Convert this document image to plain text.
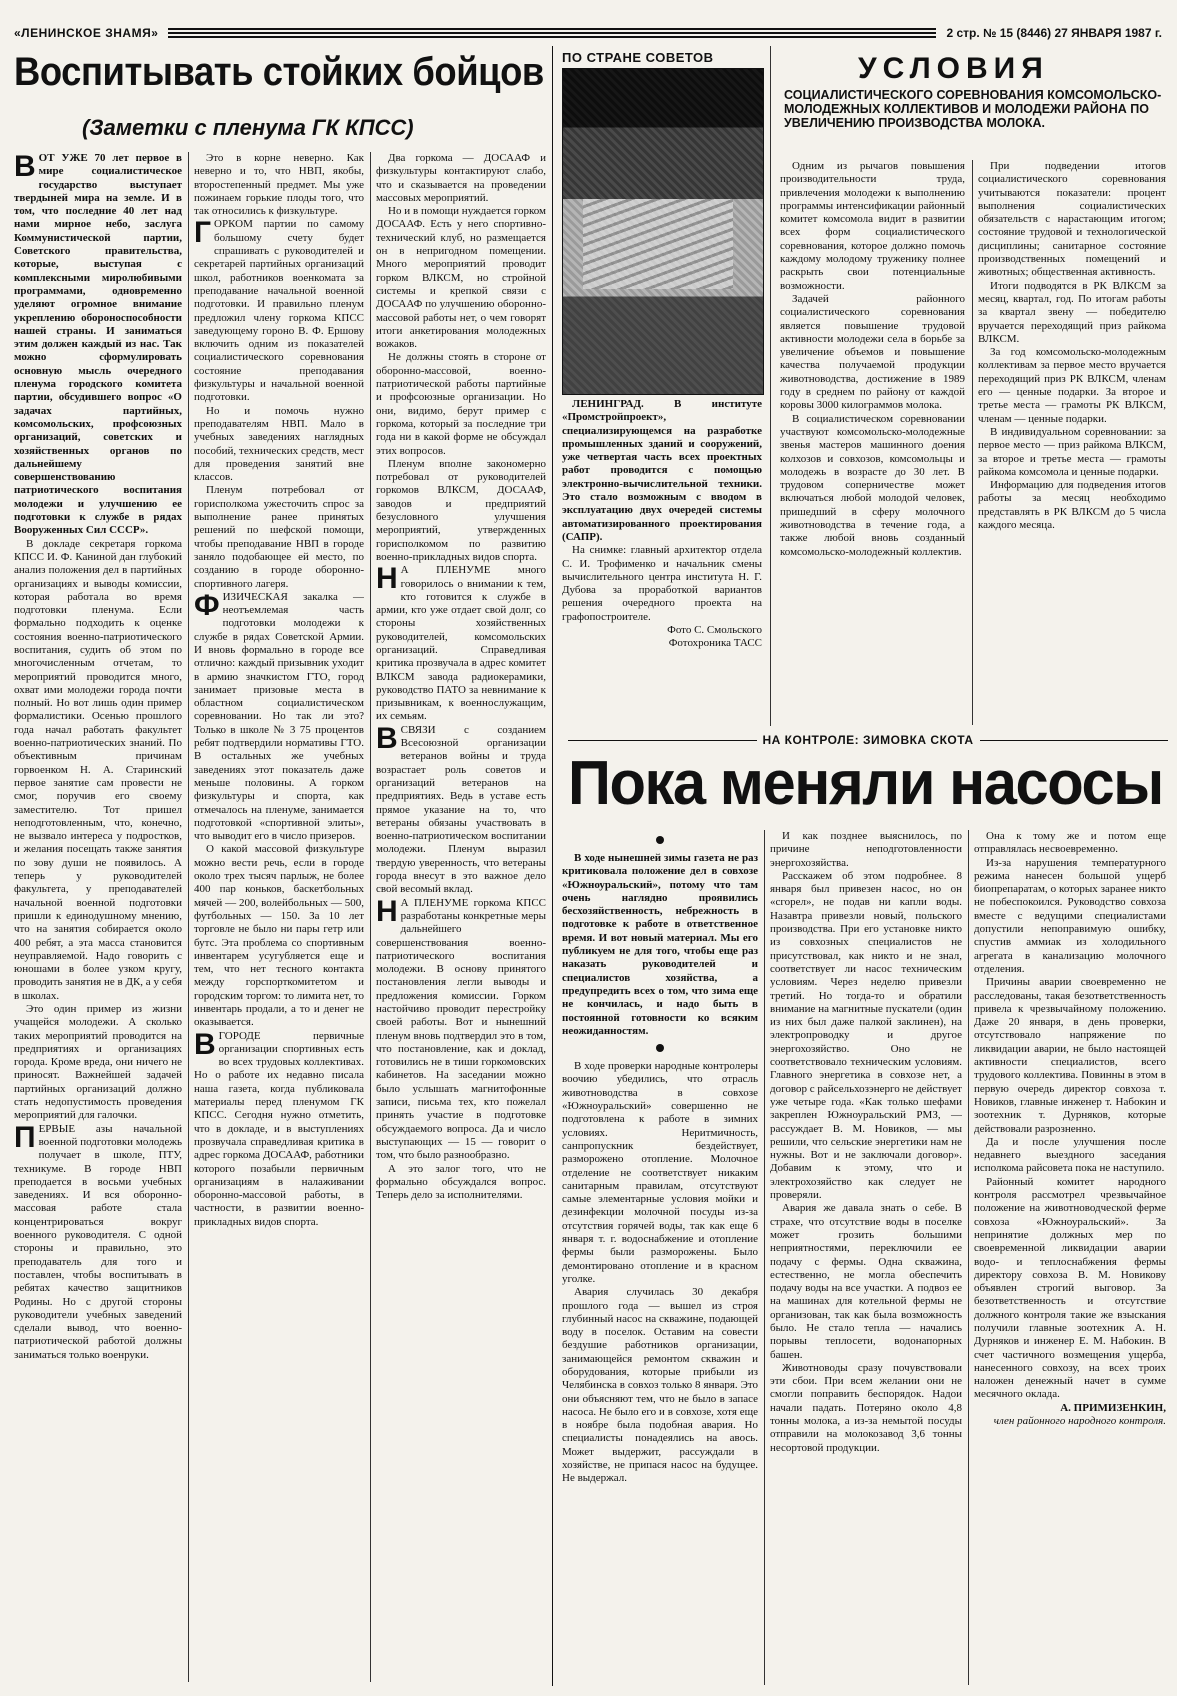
«ЛЕНИНСКОЕ ЗНАМЯ»	2 стр. № 15 (8446) 27 ЯНВАРЯ 1987 г.
Воспитывать стойких бойцов
(Заметки с пленума ГК КПСС)

ВОТ УЖЕ 70 лет первое в мире социалистическое государство выступает твердыней мира на земле. И в том, что последние 40 лет над нами мирное небо, заслуга Коммунистической партии, Советского правительства, которые, выступая с комплексными миролюбивыми программами, одновременно уделяют огромное внимание укреплению обороноспособности нашей страны. И заниматься этим должен каждый из нас. Так можно сформулировать основную мысль очередного пленума городского комитета партии, обсудившего вопрос «О задачах партийных, комсомольских, профсоюзных организаций, советских и хозяйственных органов по дальнейшему совершенствованию патриотического воспитания молодежи и улучшению ее подготовки к службе в рядах Вооруженных Сил СССР».

В докладе секретаря горкома КПСС И. Ф. Каниной дан глубокий анализ положения дел в партийных организациях и выводы комиссии, которая работала во время подготовки пленума. Если формально подходить к оценке состояния военно-патриотического воспитания, судить об этом по многочисленным отчетам, то мероприятий проводится много, охват ими молодежи города почти полный. Но вот лишь один пример формалистики. Осенью прошлого года начал работать факультет военно-патриотических знаний. По объективным причинам горвоенком Н. А. Старинский первое занятие сам провести не смог, поручив его своему заместителю. Тот пришел неподготовленным, что, конечно, не вызвало интереса у подростков, и желания посещать также занятия по зову души не появилось. А теперь у руководителей факультета, у преподавателей начальной военной подготовки пришли к единодушному мнению, что на занятия собирается около 400 ребят, а эта масса становится неуправляемой. Надо говорить с юношами в более узком кругу, проводить занятия не в ДК, а у себя в школах.

Это один пример из жизни учащейся молодежи. А сколько таких мероприятий проводится на предприятиях и организациях города. Кроме вреда, они ничего не приносят. Важнейшей задачей партийных организаций должно стать недопустимость проведения мероприятий для галочки.

ПЕРВЫЕ азы начальной военной подготовки молодежь получает в школе, ПТУ, техникуме. В городе НВП преподается в восьми учебных заведениях. И вся оборонно-массовая работе стала концентрироваться вокруг военного руководителя. С одной стороны и правильно, это преподаватель для того и поставлен, чтобы воспитывать в ребятах качество защитников Родины. Но с другой стороны руководители учебных заведений сделали вывод, что военно-патриотической работой должны заниматься только военруки.

Это в корне неверно. Как неверно и то, что НВП, якобы, второстепенный предмет. Мы уже пожинаем горькие плоды того, что так относились к физкультуре.

ГОРКОМ партии по самому большому счету будет спрашивать с руководителей и секретарей партийных организаций школ, работников военкомата за преподавание начальной военной подготовки. И правильно пленум предложил члену горкома КПСС заведующему гороно В. Ф. Ершову включить одним из показателей социалистического соревнования состояние преподавания физкультуры и начальной военной подготовки.

Но и помочь нужно преподавателям НВП. Мало в учебных заведениях наглядных пособий, технических средств, мест для проведения занятий вне классов.

Пленум потребовал от горисполкома ужесточить спрос за выполнение ранее принятых решений по шефской помощи, чтобы преподавание НВП в городе заняло подобающее ей место, по созданию в городе оборонно-спортивного лагеря.

ФИЗИЧЕСКАЯ закалка — неотъемлемая часть подготовки молодежи к службе в рядах Советской Армии. И вновь формально в городе все отлично: каждый призывник уходит в армию значкистом ГТО, город занимает призовые места в областном социалистическом соревновании. Но так ли это? Только в школе № 3 75 процентов ребят подтвердили нормативы ГТО. В остальных же учебных заведениях этот показатель даже меньше половины. А горком физкультуры и спорта, как отмечалось на пленуме, занимается подготовкой «спортивной элиты», что выводит его в число призеров.

О какой массовой физкультуре можно вести речь, если в городе около трех тысяч парлыж, не более 400 пар коньков, баскетбольных мячей — 200, волейбольных — 500, футбольных — 150. За 10 лет торговле не было ни пары гетр или бутс. Эта проблема со спортивным инвентарем усугубляется еще и тем, что нет тесного контакта между горспорткомитетом и городским торгом: то лимита нет, то инвентарь продали, а то и денег не оказывается.

ВГОРОДЕ первичные организации спортивных есть во всех трудовых коллективах. Но о работе их недавно писала наша газета, когда публиковала материалы перед пленумом ГК КПСС. Сегодня нужно отметить, что в докладе, и в выступлениях прозвучала справедливая критика в адрес горкома ДОСААФ, работники которого позабыли первичным организациям в налаживании оборонно-массовой работы, в частности, в развитии военно-прикладных видов спорта.

Два горкома — ДОСААФ и физкультуры контактируют слабо, что и сказывается на проведении массовых мероприятий.

Но и в помощи нуждается горком ДОСААФ. Есть у него спортивно-технический клуб, но размещается он в непригодном помещении. Много мероприятий проводит горком ВЛКСМ, но стройной системы и крепкой связи с ДОСААФ по улучшению оборонно-массовой работы нет, о чем говорят итоги анкетирования молодежных вожаков.

Не должны стоять в стороне от оборонно-массовой, военно-патриотической работы партийные и профсоюзные организации. Но они, видимо, берут пример с горкома, который за последние три года ни в какой форме не обсуждал этих вопросов.

Пленум вполне закономерно потребовал от руководителей горкомов ВЛКСМ, ДОСААФ, заводов и предприятий безусловного улучшения мероприятий, утвержденных горисполкомом по развитию военно-прикладных видов спорта.

Н А ПЛЕНУМЕ много говорилось о внимании к тем, кто готовится к службе в армии, кто уже отдает свой долг, со стороны хозяйственных руководителей, комсомольских организаций. Справедливая критика прозвучала в адрес комитет ВЛКСМ завода радиокерамики, руководство ПАТО за невнимание к призывникам, к военнослужащим, их семьям.

ВСВЯЗИ с созданием Всесоюзной организации ветеранов войны и труда возрастает роль советов и организаций ветеранов на предприятиях. Ведь в уставе есть прямое указание на то, что ветераны обязаны участвовать в военно-патриотическом воспитании молодежи. Пленум выразил твердую уверенность, что ветераны города внесут в это важное дело свой весомый вклад.

Н А ПЛЕНУМЕ горкома КПСС разработаны конкретные меры дальнейшего совершенствования военно-патриотического воспитания молодежи. В основу принятого постановления легли выводы и предложения комиссии. Горком настойчиво проводит перестройку своей работы. Вот и нынешний пленум вновь подтвердил это в том, что постановление, как и доклад, готовились не в тиши горкомовских кабинетов. На заседании можно было услышать магнитофонные записи, письма тех, кто пожелал принять участие в подготовке обсуждаемого вопроса. Да и число выступающих — 15 — говорит о том, что было разнообразно.

А это залог того, что не формально обсуждался вопрос. Теперь дело за исполнителями.

ПО СТРАНЕ СОВЕТОВ

ЛЕНИНГРАД. В институте «Промстройпроект», специализирующемся на разработке промышленных зданий и сооружений, уже четвертая часть всех проектных работ проводится с помощью электронно-вычислительной техники. Это стало возможным с вводом в эксплуатацию двух очередей системы автоматизированного проектирования (САПР).

На снимке: главный архитектор отдела С. И. Трофименко и начальник смены вычислительного центра института Н. Г. Дубова за проработкой вариантов решения очередного проекта на графопостроителе.

Фото С. Смольского

Фотохроника ТАСС

УСЛОВИЯ
СОЦИАЛИСТИЧЕСКОГО СОРЕВНОВАНИЯ КОМСОМОЛЬСКО-МОЛОДЕЖНЫХ КОЛЛЕКТИВОВ И МОЛОДЕЖИ РАЙОНА ПО УВЕЛИЧЕНИЮ ПРОИЗВОДСТВА МОЛОКА.

Одним из рычагов повышения производительности труда, привлечения молодежи к выполнению программы интенсификации районный комитет комсомола видит в развитии всех форм социалистического соревнования, которое должно помочь каждому молодому труженику полнее раскрыть свои потенциальные возможности.

Задачей районного социалистического соревнования является повышение трудовой активности молодежи села в борьбе за увеличение объемов и повышение качества получаемой продукции животноводства, достижение в 1989 году в среднем по району от каждой коровы 3000 килограммов молока.

В социалистическом соревновании участвуют комсомольско-молодежные звенья мастеров машинного доения колхозов и совхозов, комсомольцы и молодежь в возрасте до 30 лет. В трудовом соперничестве может включаться любой молодой человек, пришедший в сферу молочного животноводства в течение года, а также любой вновь созданный комсомольско-молодежный коллектив.

При подведении итогов социалистического соревнования учитываются показатели: процент выполнения социалистических обязательств с нарастающим итогом; состояние трудовой и технологической дисциплины; санитарное состояние производственных помещений и животных; общественная активность.

Итоги подводятся в РК ВЛКСМ за месяц, квартал, год. По итогам работы за квартал звену — победителю вручается переходящий приз райкома ВЛКСМ.

За год комсомольско-молодежным коллективам за первое место вручается переходящий приз РК ВЛКСМ, членам его — ценные подарки. За второе и третье места — грамоты РК ВЛКСМ, членам — ценные подарки.

В индивидуальном соревновании: за первое место — приз райкома ВЛКСМ, за второе и третье места — грамоты райкома комсомола и ценные подарки.

Информацию для подведения итогов работы за месяц необходимо представлять в РК ВЛКСМ до 5 числа каждого месяца.

НА КОНТРОЛЕ: ЗИМОВКА СКОТА
Пока меняли насосы

В ходе нынешней зимы газета не раз критиковала положение дел в совхозе «Южноуральский», потому что там очень наглядно проявились бесхозяйственность, небрежность в подготовке к работе в ответственное время. И вот новый материал. Мы его публикуем не для того, чтобы еще раз наказать руководителей и специалистов хозяйства, а предупредить всех о том, что зима еще не кончилась, и надо быть в постоянной готовности ко всяким неожиданностям.

В ходе проверки народные контролеры воочию убедились, что отрасль животноводства в совхозе «Южноуральский» совершенно не подготовлена к работе в зимних условиях. Неритмичность, санпропускник бездействует, разморожено отопление. Молочное отделение не соответствует никаким санитарным правилам, отсутствуют самые элементарные условия мойки и дезинфекции молочной посуды из-за отсутствия горячей воды, так как еще 6 января т. г. водоснабжение и отопление фермы были разморожены. Было демонтировано отопление и в красном уголке.

Авария случилась 30 декабря прошлого года — вышел из строя глубинный насос на скважине, подающей воду в поселок. Оставим на совести бездушие работников организации, занимающейся ремонтом скважин и оборудования, которые прибыли из Челябинска в совхоз только 8 января. Это они объясняют тем, что не было в запасе насоса. Не было его и в совхозе, хотя еще в ноябре была подобная авария. Но специалисты понадеялись на авось. Может выдержит, рассуждали в хозяйстве, не припася насос на будущее. Не выдержал.

И как позднее выяснилось, по причине неподготовленности энергохозяйства.

Расскажем об этом подробнее. 8 января был привезен насос, но он «сгорел», не подав ни капли воды. Назавтра привезли новый, польского производства. При его установке никто из совхозных специалистов не присутствовал, как никто и не знал, соответствует ли насос техническим условиям. Через неделю привезли третий. Но тогда-то и обратили внимание на магнитные пускатели (один из них был даже палкой заклинен), на электропроводку и другое энергохозяйство. Оно не соответствовало техническим условиям. Главного энергетика в совхозе нет, а договор с райсельхозэнерго не действует уже четыре года. «Как только шефами закреплен Южноуральский РМЗ, — рассуждает В. М. Новиков, — мы решили, что сельские энергетики нам не нужны. Вот и не заключали договор». Добавим к этому, что и электрохозяйство как следует не проверяли.

Авария же давала знать о себе. В страхе, что отсутствие воды в поселке может грозить большими неприятностями, переключили ее подачу с фермы. Одна скважина, естественно, не могла обеспечить подачу воды на все участки. А подвоз ее на машинах для котельной фермы не организован, так как была возможность было. Не стало тепла — начались порывы теплосети, водонапорных башен.

Животноводы сразу почувствовали эти сбои. При всем желании они не смогли поправить беспорядок. Надои начали падать. Потеряно около 4,8 тонны молока, а из-за немытой посуды отправили на молокозавод 3,6 тонны несортовой продукции.

Она к тому же и потом еще отправлялась несвоевременно.

Из-за нарушения температурного режима нанесен большой ущерб биопрепаратам, о которых заранее никто не побеспокоился. Руководство совхоза вместе с ведущими специалистами допустили непоправимую ошибку, спустив аммиак из холодильного агрегата в канализацию молочного отделения.

Причины аварии своевременно не расследованы, такая безответственность привела к чрезвычайному положению. Даже 20 января, в день проверки, отсутствовало напряжение по ликвидации аварии, не было настоящей активности специалистов, всего трудового коллектива. Повинны в этом в первую очередь директор совхоза т. Новиков, главные инженер т. Набокин и зоотехник т. Дурняков, которые действовали разрозненно.

Да и после улучшения после недавнего выездного заседания исполкома райсовета пока не наступило.

Районный комитет народного контроля рассмотрел чрезвычайное положение на животноводческой ферме совхоза «Южноуральский». За непринятие должных мер по своевременной ликвидации аварии водо- и теплоснабжения фермы директору совхоза В. М. Новикову объявлен строгий выговор. За безответственность и отсутствие должного контроля такие же взыскания получили главные зоотехник А. Н. Дурняков и инженер Е. М. Набокин. В счет частичного возмещения ущерба, нанесенного совхозу, на всех троих наложен денежный начет в сумме месячного оклада.

А. ПРИМИЗЕНКИН,

член районного народного контроля.
